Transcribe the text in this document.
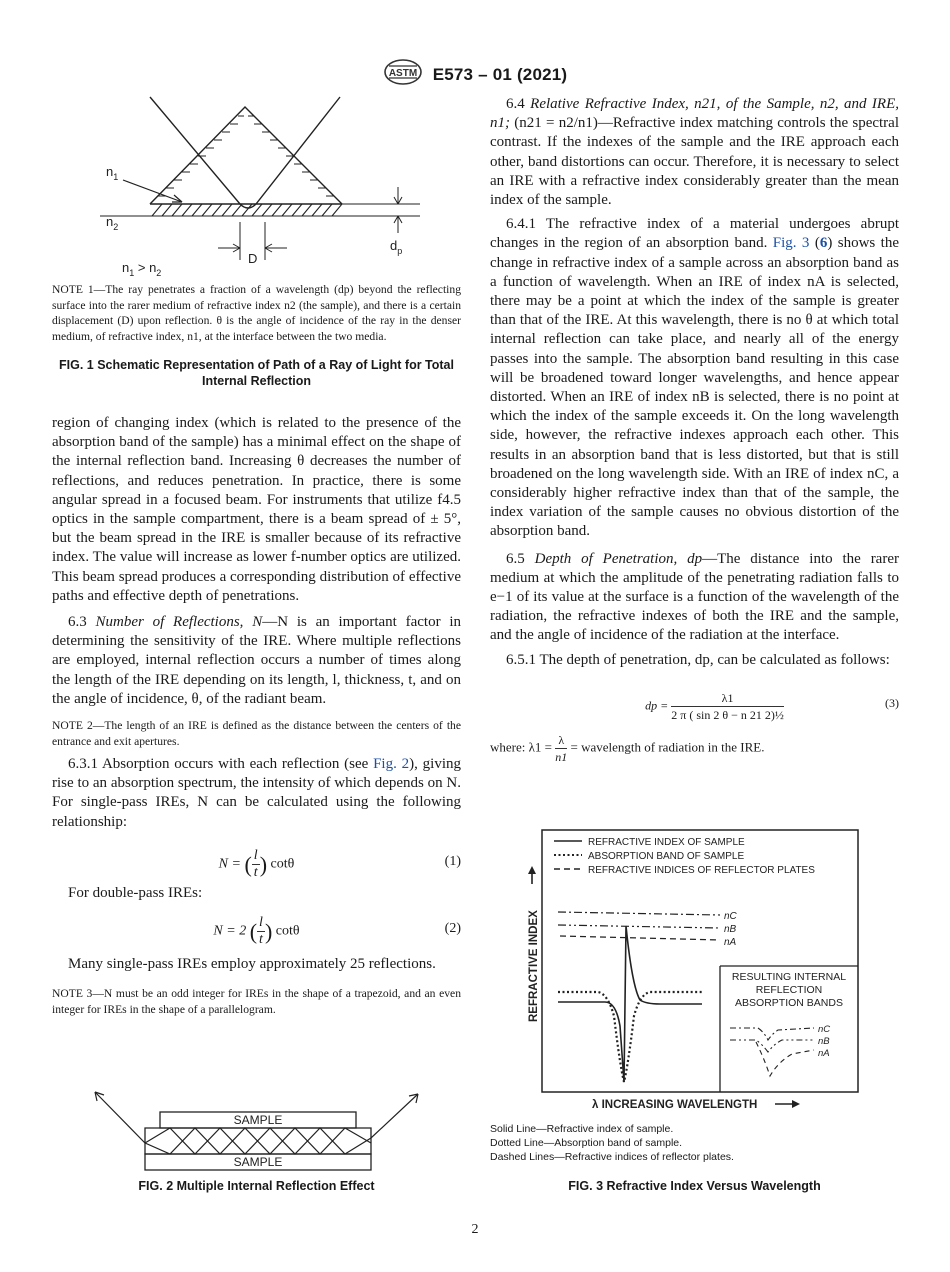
ASTM E573 – 01 (2021)
$n_1$
$n_2$
D
$d_p$
$n_1 > n_2$
NOTE 1—The ray penetrates a fraction of a wavelength (dp) beyond the reflecting surface into the rarer medium of refractive index n2 (the sample), and there is a certain displacement (D) upon reflection. θ is the angle of incidence of the ray in the denser medium, of refractive index, n1, at the interface between the two media.
FIG. 1 Schematic Representation of Path of a Ray of Light for Total Internal Reflection

region of changing index (which is related to the presence of the absorption band of the sample) has a minimal effect on the shape of the internal reflection band. Increasing θ decreases the number of reflections, and reduces penetration. In practice, there is some angular spread in a focused beam. For instruments that utilize f4.5 optics in the sample compartment, there is a beam spread of ± 5°, but the beam spread in the IRE is smaller because of its refractive index. The value will increase as lower f-number optics are utilized. This beam spread produces a corresponding distribution of effective paths and effective depth of penetrations.

6.3 Number of Reflections, N—N is an important factor in determining the sensitivity of the IRE. Where multiple reflections are employed, internal reflection occurs a number of times along the length of the IRE depending on its length, l, thickness, t, and on the angle of incidence, θ, of the radiant beam.

NOTE 2—The length of an IRE is defined as the distance between the centers of the entrance and exit apertures.

6.3.1 Absorption occurs with each reflection (see Fig. 2), giving rise to an absorption spectrum, the intensity of which depends on N. For single-pass IREs, N can be calculated using the following relationship:

N = ( $\frac{l}{t}$ ) cotθ	(1)

For double-pass IREs:

N = 2 ( $\frac{l}{t}$ ) cotθ	(2)

Many single-pass IREs employ approximately 25 reflections.

NOTE 3—N must be an odd integer for IREs in the shape of a trapezoid, and an even integer for IREs in the shape of a parallelogram.
SAMPLE
SAMPLE
FIG. 2 Multiple Internal Reflection Effect

6.4 Relative Refractive Index, n21, of the Sample, n2, and IRE, n1; (n21 = n2/n1)—Refractive index matching controls the spectral contrast. If the indexes of the sample and the IRE approach each other, band distortions can occur. Therefore, it is necessary to select an IRE with a refractive index considerably greater than the mean index of the sample.

6.4.1 The refractive index of a material undergoes abrupt changes in the region of an absorption band. Fig. 3 (6) shows the change in refractive index of a sample across an absorption band as a function of wavelength. When an IRE of index nA is selected, there may be a point at which the index of the sample is greater than that of the IRE. At this wavelength, there is no θ at which total internal reflection can take place, and nearly all of the energy passes into the sample. The absorption band resulting in this case will be broadened toward longer wavelengths, and hence appear distorted. When an IRE of index nB is selected, there is no point at which the index of the sample exceeds it. On the long wavelength side, however, the refractive indexes approach each other. This results in an absorption band that is less distorted, but that is still broadened on the long wavelength side. With an IRE of index nC, a considerably higher refractive index than that of the sample, the index variation of the sample causes no obvious distortion of the absorption band.

6.5 Depth of Penetration, dp—The distance into the rarer medium at which the amplitude of the penetrating radiation falls to e−1 of its value at the surface is a function of the wavelength of the radiation, the refractive indexes of both the IRE and the sample, and the angle of incidence of the radiation at the interface.

6.5.1 The depth of penetration, dp, can be calculated as follows:

dp = $\frac{\lambda 1}{\text{2 π ( sin 2 θ − n 21 2)½}}$	(3)

where: $\lambda 1 = \frac{\lambda}{n1}$ = wavelength of radiation in the IRE.

REFRACTIVE INDEX OF SAMPLE
ABSORPTION BAND OF SAMPLE
REFRACTIVE INDICES OF REFLECTOR PLATES
REFRACTIVE INDEX	nC
nB
nA
RESULTING INTERNAL
REFLECTION
ABSORPTION BANDS
nC
nB
nA
λ INCREASING WAVELENGTH
Solid Line—Refractive index of sample.
Dotted Line—Absorption band of sample.
Dashed Lines—Refractive indices of reflector plates.
FIG. 3 Refractive Index Versus Wavelength
2
